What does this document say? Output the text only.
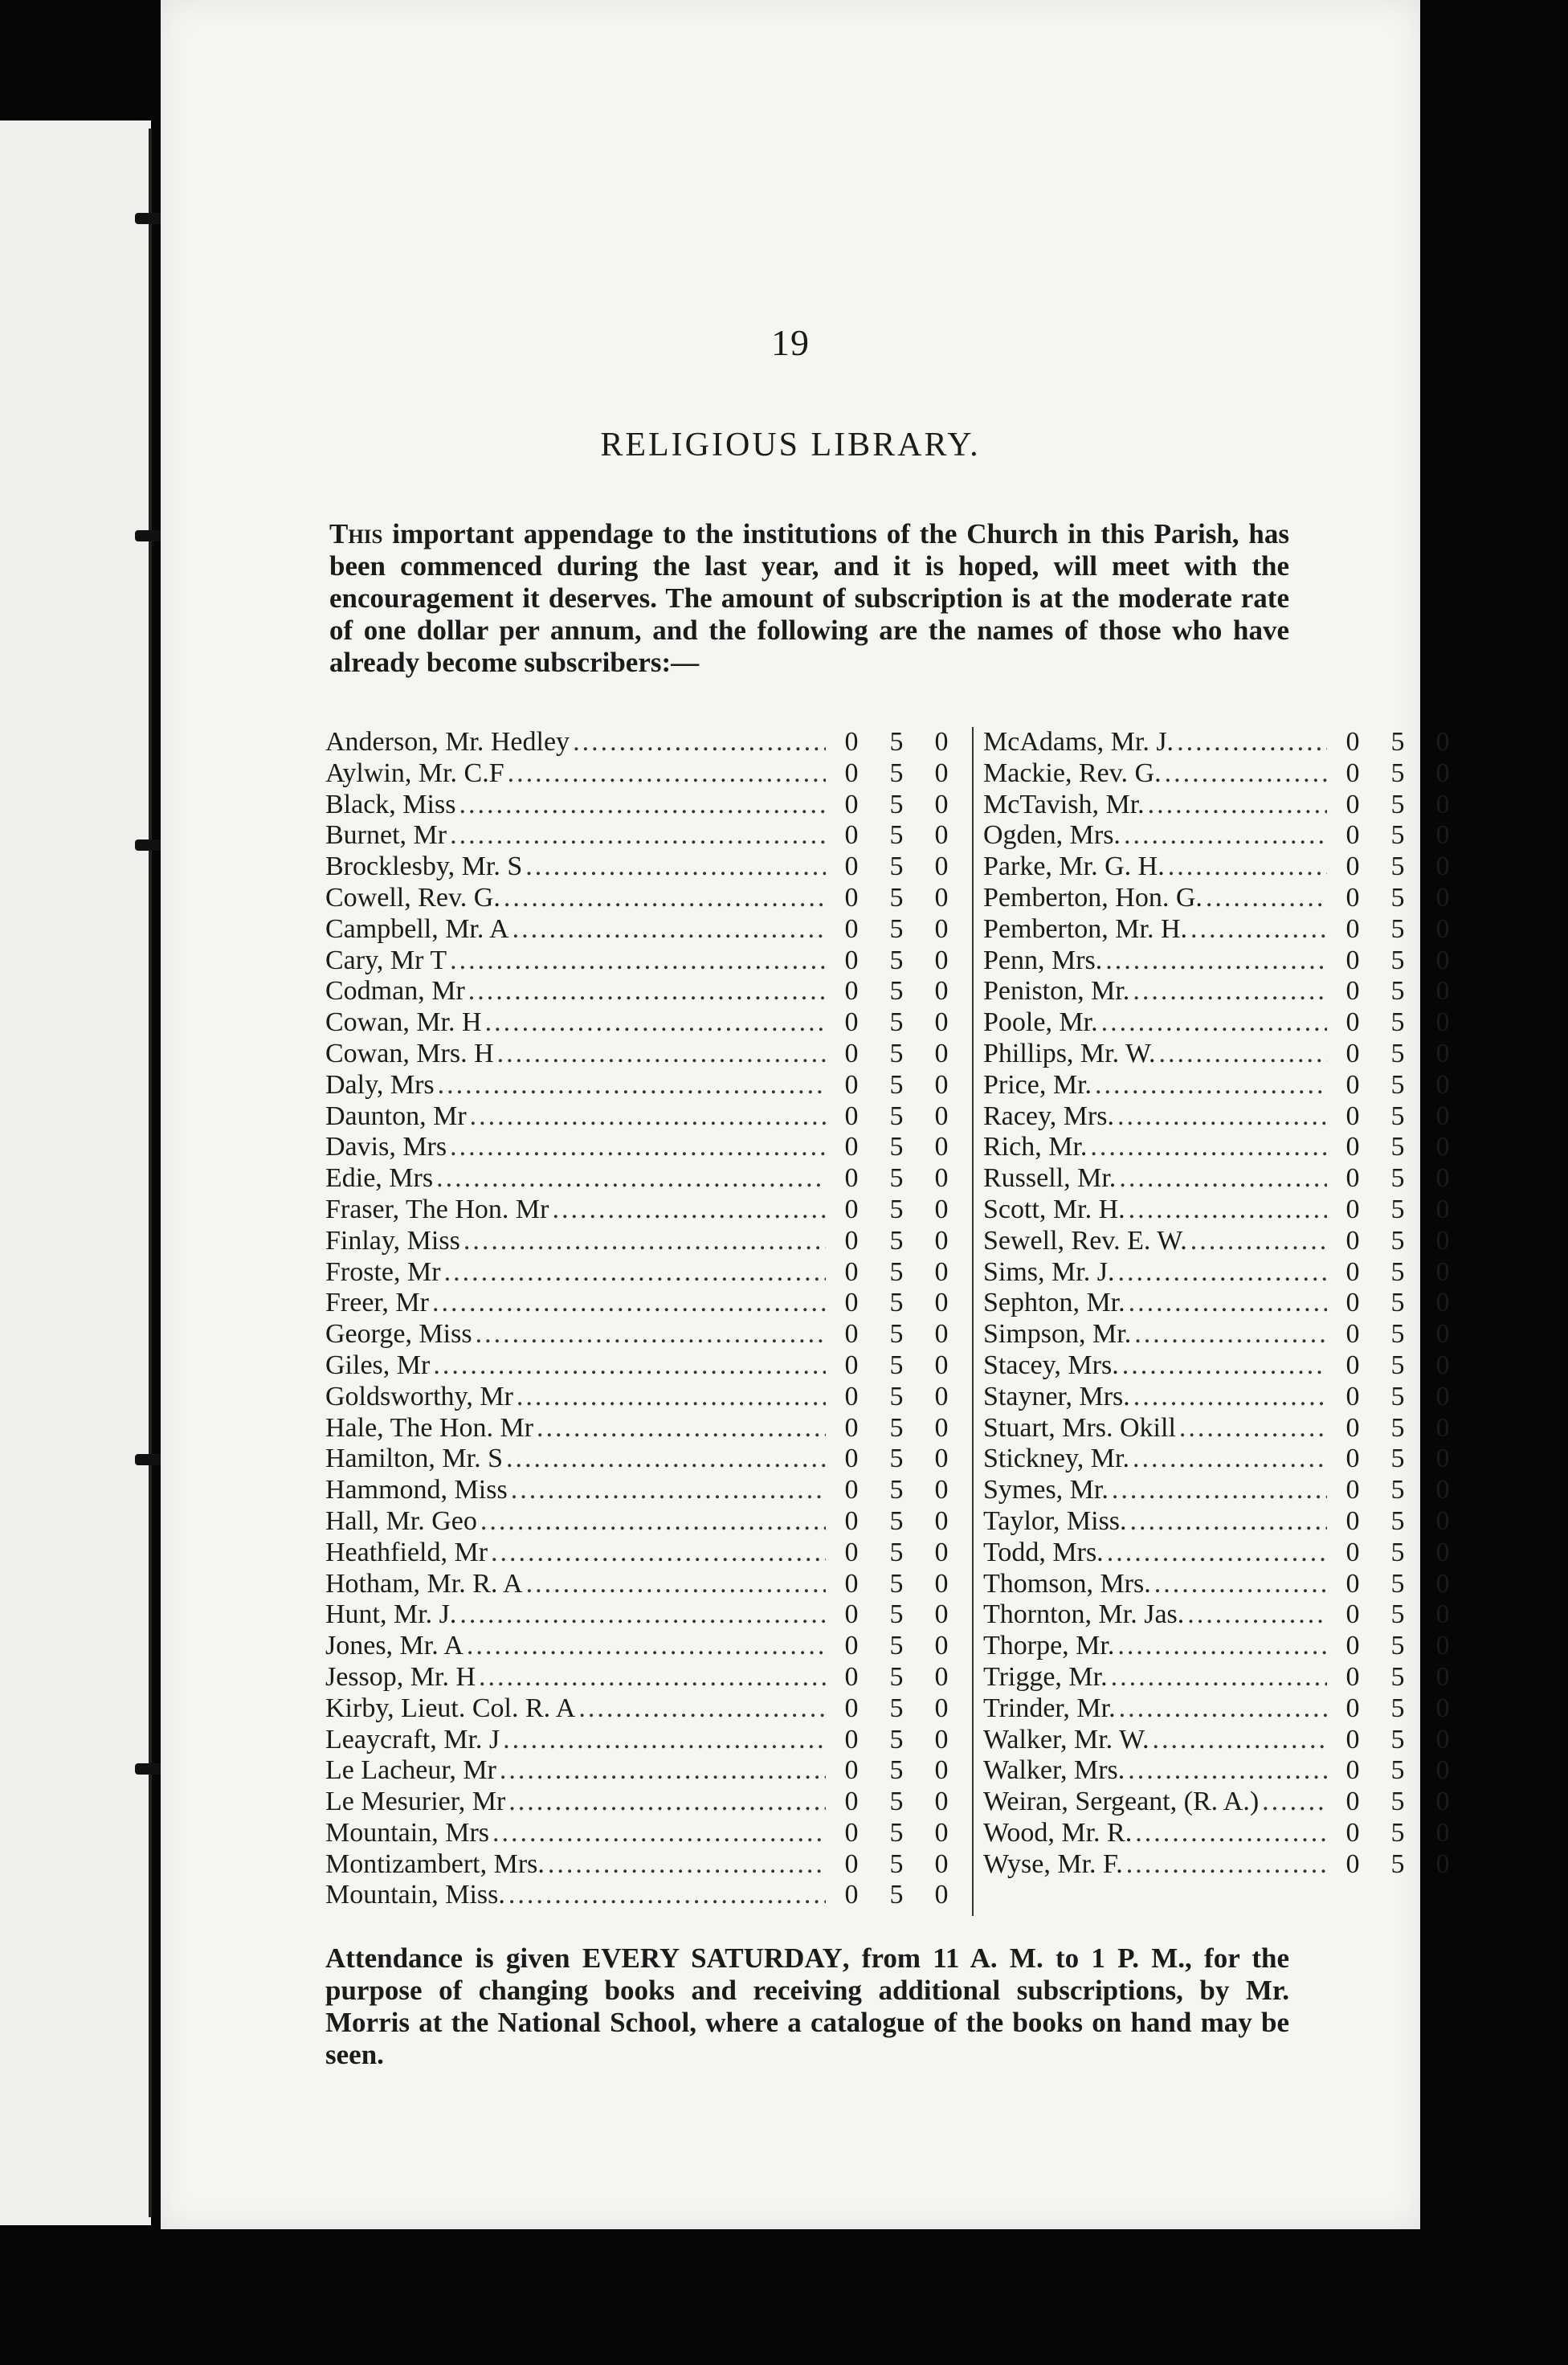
19
RELIGIOUS LIBRARY.
This important appendage to the institutions of the Church in this Parish, has been commenced during the last year, and it is hoped, will meet with the encouragement it deserves. The amount of subscription is at the moderate rate of one dollar per annum, and the following are the names of those who have already become subscribers:—
Anderson, Mr. Hedley .....	0	5	0
Aylwin, Mr. C.F .....	0	5	0
Black, Miss .....	0	5	0
Burnet, Mr .....	0	5	0
Brocklesby, Mr. S .....	0	5	0
Cowell, Rev. G. .....	0	5	0
Campbell, Mr. A .....	0	5	0
Cary, Mr T .....	0	5	0
Codman, Mr .....	0	5	0
Cowan, Mr. H .....	0	5	0
Cowan, Mrs. H .....	0	5	0
Daly, Mrs .....	0	5	0
Daunton, Mr .....	0	5	0
Davis, Mrs .....	0	5	0
Edie, Mrs .....	0	5	0
Fraser, The Hon. Mr .....	0	5	0
Finlay, Miss .....	0	5	0
Froste, Mr .....	0	5	0
Freer, Mr .....	0	5	0
George, Miss .....	0	5	0
Giles, Mr .....	0	5	0
Goldsworthy, Mr .....	0	5	0
Hale, The Hon. Mr .....	0	5	0
Hamilton, Mr. S .....	0	5	0
Hammond, Miss .....	0	5	0
Hall, Mr. Geo .....	0	5	0
Heathfield, Mr .....	0	5	0
Hotham, Mr. R. A .....	0	5	0
Hunt, Mr. J. .....	0	5	0
Jones, Mr. A .....	0	5	0
Jessop, Mr. H .....	0	5	0
Kirby, Lieut. Col. R. A .....	0	5	0
Leaycraft, Mr. J .....	0	5	0
Le Lacheur, Mr .....	0	5	0
Le Mesurier, Mr .....	0	5	0
Mountain, Mrs .....	0	5	0
Montizambert, Mrs. .....	0	5	0
Mountain, Miss. .....	0	5	0
McAdams, Mr. J. .....	0	5	0
Mackie, Rev. G. .....	0	5	0
McTavish, Mr. .....	0	5	0
Ogden, Mrs. .....	0	5	0
Parke, Mr. G. H. .....	0	5	0
Pemberton, Hon. G. .....	0	5	0
Pemberton, Mr. H. .....	0	5	0
Penn, Mrs. .....	0	5	0
Peniston, Mr. .....	0	5	0
Poole, Mr. .....	0	5	0
Phillips, Mr. W. .....	0	5	0
Price, Mr. .....	0	5	0
Racey, Mrs. .....	0	5	0
Rich, Mr. .....	0	5	0
Russell, Mr. .....	0	5	0
Scott, Mr. H. .....	0	5	0
Sewell, Rev. E. W. .....	0	5	0
Sims, Mr. J. .....	0	5	0
Sephton, Mr. .....	0	5	0
Simpson, Mr. .....	0	5	0
Stacey, Mrs. .....	0	5	0
Stayner, Mrs. .....	0	5	0
Stuart, Mrs. Okill .....	0	5	0
Stickney, Mr. .....	0	5	0
Symes, Mr. .....	0	5	0
Taylor, Miss. .....	0	5	0
Todd, Mrs. .....	0	5	0
Thomson, Mrs. .....	0	5	0
Thornton, Mr. Jas. .....	0	5	0
Thorpe, Mr. .....	0	5	0
Trigge, Mr. .....	0	5	0
Trinder, Mr. .....	0	5	0
Walker, Mr. W. .....	0	5	0
Walker, Mrs. .....	0	5	0
Weiran, Sergeant, (R. A.) .....	0	5	0
Wood, Mr. R. .....	0	5	0
Wyse, Mr. F. .....	0	5	0
Attendance is given EVERY SATURDAY, from 11 A. M. to 1 P. M., for the purpose of changing books and receiving additional subscriptions, by Mr. Morris at the National School, where a catalogue of the books on hand may be seen.
